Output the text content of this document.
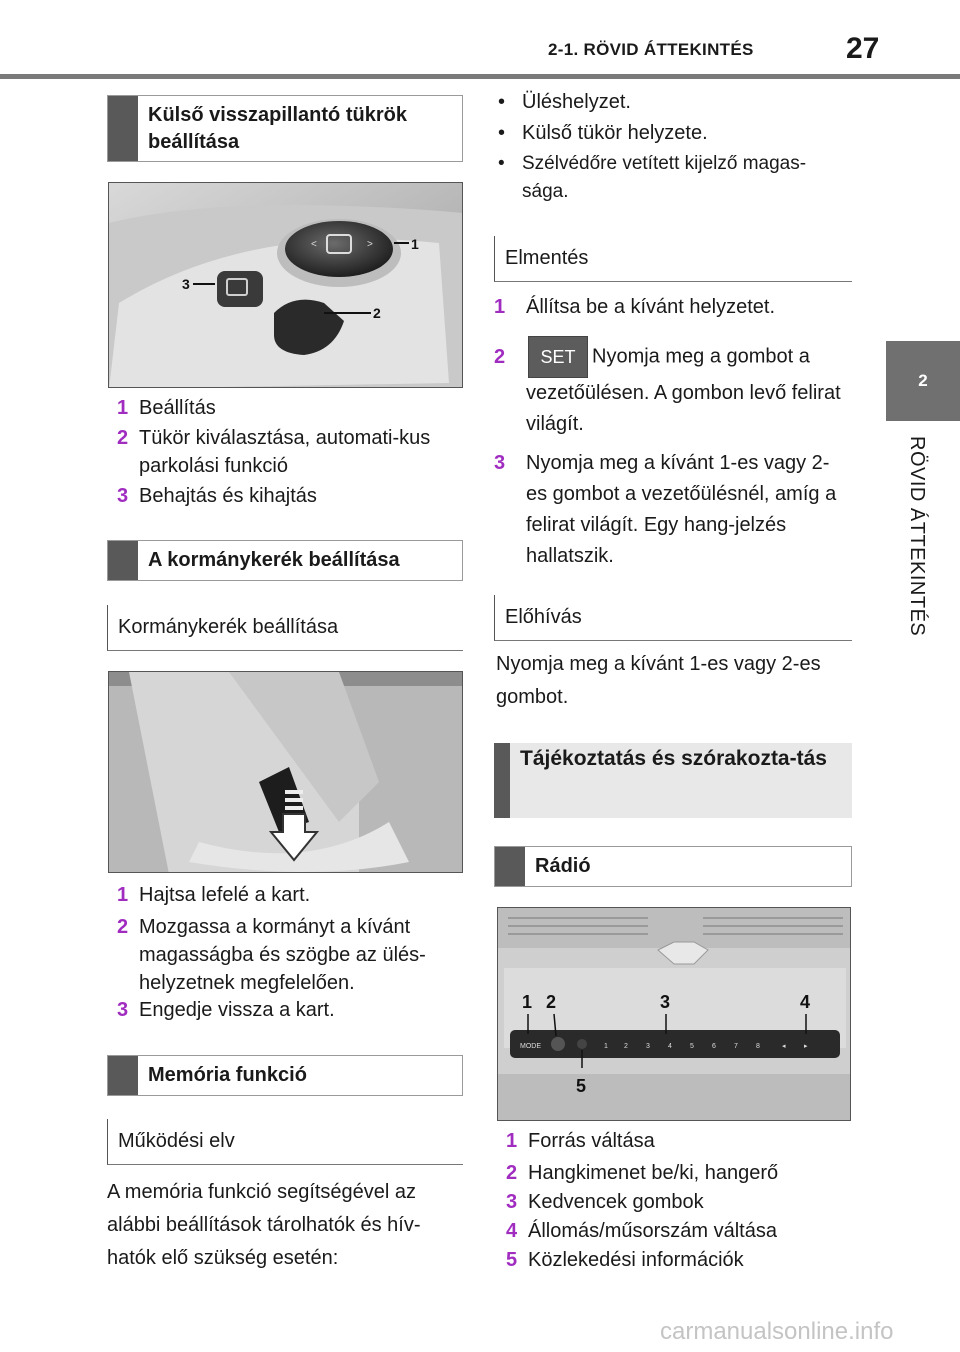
2-1. RÖVID ÁTTEKINTÉS	27
2
RÖVID ÁTTEKINTÉS
Külső visszapillantó tükrök beállítása
<	>	1
2
3
1 Beállítás
2 Tükör kiválasztása, automati-kus parkolási funkció
3 Behajtás és kihajtás
A kormánykerék beállítása
Kormánykerék beállítása
1 Hajtsa lefelé a kart.
2 Mozgassa a kormányt a kívánt magasságba és szögbe az ülés-helyzetnek megfelelően.
3 Engedje vissza a kart.
Memória funkció
Működési elv
A memória funkció segítségével az alábbi beállítások tárolhatók és hív-hatók elő szükség esetén:
• Üléshelyzet.
• Külső tükör helyzete.
• Szélvédőre vetített kijelző magas-sága.
Elmentés
1	Állítsa be a kívánt helyzetet.
2	SET Nyomja meg a gombot a vezetőülésen. A gombon levő felirat világít.
3	Nyomja meg a kívánt 1-es vagy 2-es gombot a vezetőülésnél, amíg a felirat világít. Egy hang-jelzés hallatszik.
Előhívás
Nyomja meg a kívánt 1-es vagy 2-es gombot.
Tájékoztatás és szórakozta-tás
Rádió
MODE	1 2	3	4	5	6	7	8	◂	▸
1 2	3	4
5
1 Forrás váltása
2 Hangkimenet be/ki, hangerő
3 Kedvencek gombok
4 Állomás/műsorszám váltása
5 Közlekedési információk
carmanualsonline.info
